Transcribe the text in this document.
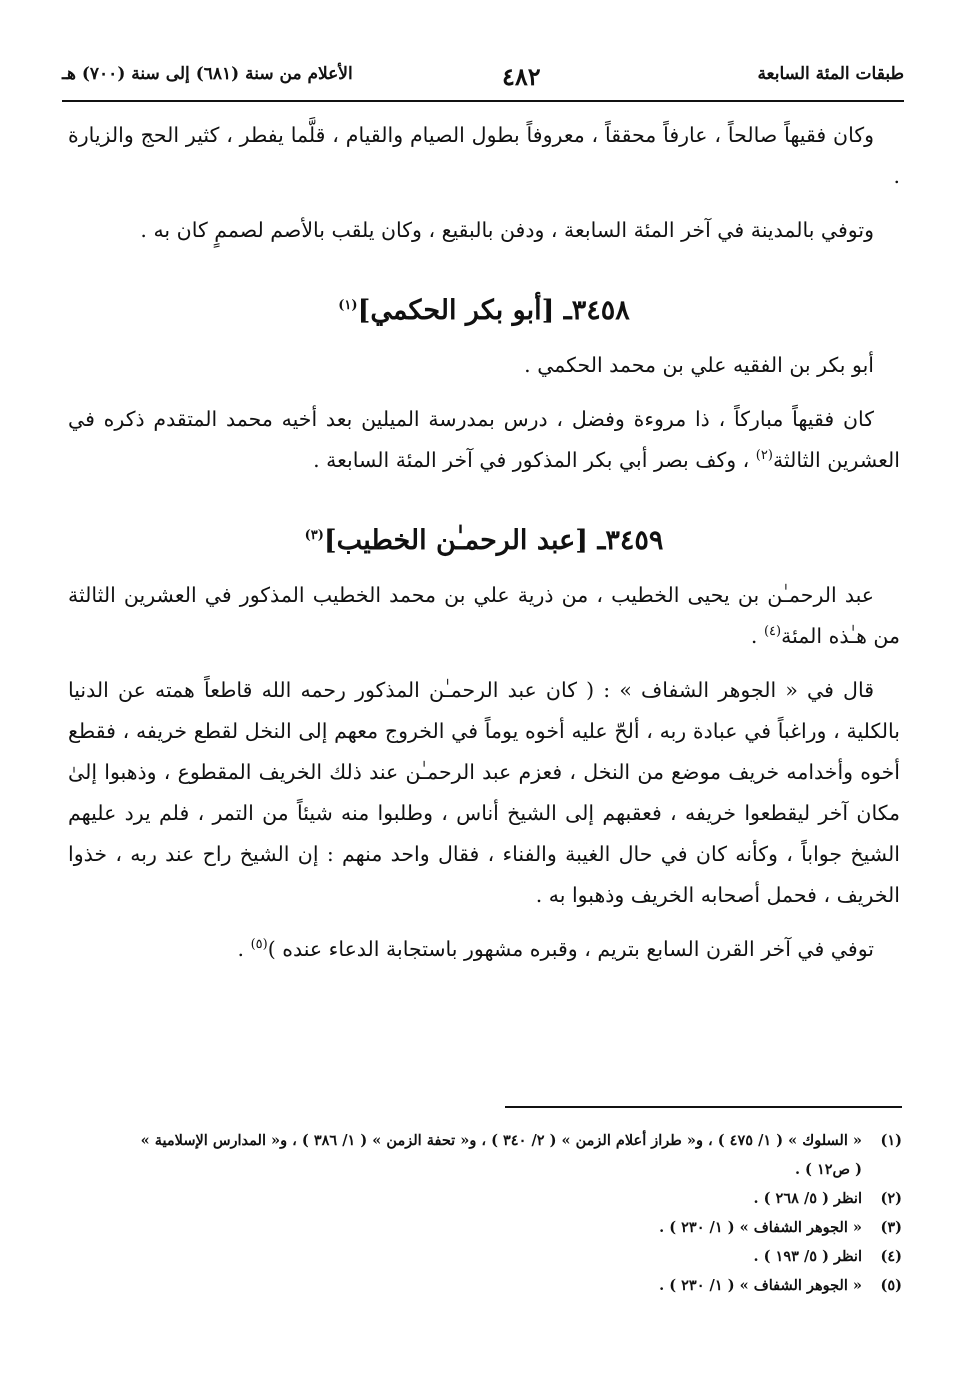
طبقات المئة السابعة
٤٨٢
الأعلام من سنة (٦٨١) إلى سنة (٧٠٠) هـ

وكان فقيهاً صالحاً ، عارفاً محققاً ، معروفاً بطول الصيام والقيام ، قلَّما يفطر ، كثير الحج والزيارة .

وتوفي بالمدينة في آخر المئة السابعة ، ودفن بالبقيع ، وكان يلقب بالأصم لصممٍ كان به .

٣٤٥٨ـ [أبو بكر الحكمي]$^{(١)}$

أبو بكر بن الفقيه علي بن محمد الحكمي .

كان فقيهاً مباركاً ، ذا مروءة وفضل ، درس بمدرسة الميلين بعد أخيه محمد المتقدم ذكره في العشرين الثالثة$^{(٢)}$ ، وكف بصر أبي بكر المذكور في آخر المئة السابعة .

٣٤٥٩ـ [عبد الرحمـٰن الخطيب]$^{(٣)}$

عبد الرحمـٰن بن يحيى الخطيب ، من ذرية علي بن محمد الخطيب المذكور في العشرين الثالثة من هـٰذه المئة$^{(٤)}$ .

قال في « الجوهر الشفاف » : ( كان عبد الرحمـٰن المذكور رحمه الله قاطعاً همته عن الدنيا بالكلية ، وراغباً في عبادة ربه ، ألحّ عليه أخوه يوماً في الخروج معهم إلى النخل لقطع خريفه ، فقطع أخوه وأخدامه خريف موضع من النخل ، فعزم عبد الرحمـٰن عند ذلك الخريف المقطوع ، وذهبوا إلىٰ مكان آخر ليقطعوا خريفه ، فعقبهم إلى الشيخ أناس ، وطلبوا منه شيئاً من التمر ، فلم يرد عليهم الشيخ جواباً ، وكأنه كان في حال الغيبة والفناء ، فقال واحد منهم : إن الشيخ راح عند ربه ، خذوا الخريف ، فحمل أصحابه الخريف وذهبوا به .

توفي في آخر القرن السابع بتريم ، وقبره مشهور باستجابة الدعاء عنده )$^{(٥)}$ .

(١)
« السلوك » ( ١/ ٤٧٥ ) ، و« طراز أعلام الزمن » ( ٢/ ٣٤٠ ) ، و« تحفة الزمن » ( ١/ ٣٨٦ ) ، و« المدارس الإسلامية »
( ص١٢ ) .
(٢)
انظر ( ٥/ ٢٦٨ ) .
(٣)
« الجوهر الشفاف » ( ١/ ٢٣٠ ) .
(٤)
انظر ( ٥/ ١٩٣ ) .
(٥)
« الجوهر الشفاف » ( ١/ ٢٣٠ ) .
